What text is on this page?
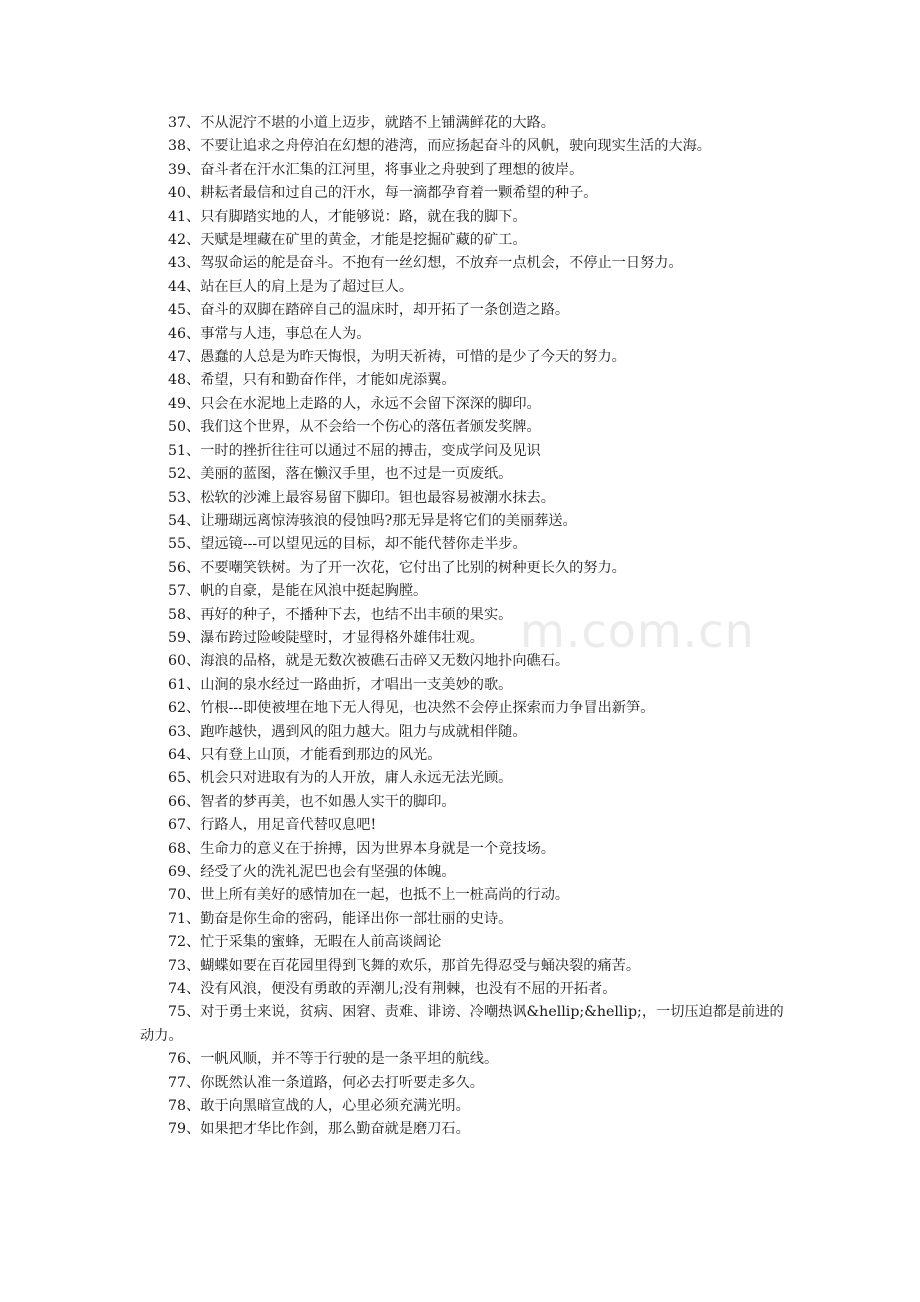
m.com.cn

37、不从泥泞不堪的小道上迈步，就踏不上铺满鲜花的大路。

38、不要让追求之舟停泊在幻想的港湾，而应扬起奋斗的风帆，驶向现实生活的大海。

39、奋斗者在汗水汇集的江河里，将事业之舟驶到了理想的彼岸。

40、耕耘者最信和过自己的汗水，每一滴都孕育着一颗希望的种子。

41、只有脚踏实地的人，才能够说：路，就在我的脚下。

42、天赋是埋藏在矿里的黄金，才能是挖掘矿藏的矿工。

43、驾驭命运的舵是奋斗。不抱有一丝幻想，不放弃一点机会，不停止一日努力。

44、站在巨人的肩上是为了超过巨人。

45、奋斗的双脚在踏碎自己的温床时，却开拓了一条创造之路。

46、事常与人违，事总在人为。

47、愚蠢的人总是为昨天悔恨，为明天祈祷，可惜的是少了今天的努力。

48、希望，只有和勤奋作伴，才能如虎添翼。

49、只会在水泥地上走路的人，永远不会留下深深的脚印。

50、我们这个世界，从不会给一个伤心的落伍者颁发奖牌。

51、一时的挫折往往可以通过不屈的搏击，变成学问及见识

52、美丽的蓝图，落在懒汉手里，也不过是一页废纸。

53、松软的沙滩上最容易留下脚印。钽也最容易被潮水抹去。

54、让珊瑚远离惊涛骇浪的侵蚀吗?那无异是将它们的美丽葬送。

55、望远镜---可以望见远的目标，却不能代替你走半步。

56、不要嘲笑铁树。为了开一次花，它付出了比别的树种更长久的努力。

57、帆的自豪，是能在风浪中挺起胸膛。

58、再好的种子，不播种下去，也结不出丰硕的果实。

59、瀑布跨过险峻陡壁时，才显得格外雄伟壮观。

60、海浪的品格，就是无数次被礁石击碎又无数闪地扑向礁石。

61、山涧的泉水经过一路曲折，才唱出一支美妙的歌。

62、竹根---即使被埋在地下无人得见，也决然不会停止探索而力争冒出新笋。

63、跑咋越快，遇到风的阻力越大。阻力与成就相伴随。

64、只有登上山顶，才能看到那边的风光。

65、机会只对进取有为的人开放，庸人永远无法光顾。

66、智者的梦再美，也不如愚人实干的脚印。

67、行路人，用足音代替叹息吧!

68、生命力的意义在于拚搏，因为世界本身就是一个竞技场。

69、经受了火的洗礼泥巴也会有坚强的体魄。

70、世上所有美好的感情加在一起，也抵不上一桩高尚的行动。

71、勤奋是你生命的密码，能译出你一部壮丽的史诗。

72、忙于采集的蜜蜂，无暇在人前高谈阔论

73、蝴蝶如要在百花园里得到飞舞的欢乐，那首先得忍受与蛹决裂的痛苦。

74、没有风浪，便没有勇敢的弄潮儿;没有荆棘，也没有不屈的开拓者。

75、对于勇士来说，贫病、困窘、责难、诽谤、冷嘲热讽&hellip;&hellip;，一切压迫都是前进的动力。

76、一帆风顺，并不等于行驶的是一条平坦的航线。

77、你既然认准一条道路，何必去打听要走多久。

78、敢于向黑暗宣战的人，心里必须充满光明。

79、如果把才华比作剑，那么勤奋就是磨刀石。
